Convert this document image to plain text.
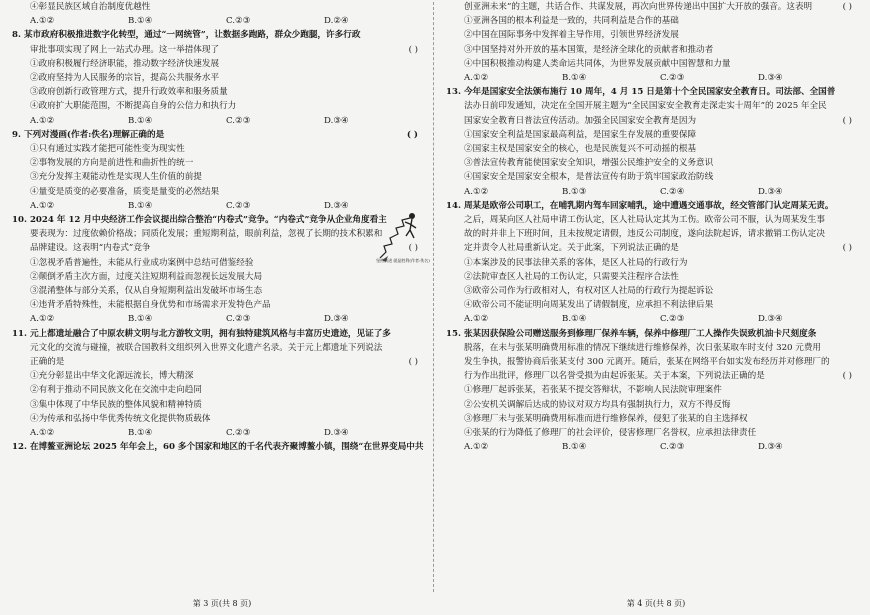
④彰显民族区域自治制度优越性
A.①②	B.①④	C.②③	D.②④
8. 某市政府积极推进数字化转型，通过“一网统管”，让数据多跑路，群众少跑腿，许多行政
审批事项实现了网上一站式办理。这一举措体现了	( )
①政府积极履行经济职能，推动数字经济快速发展
②政府坚持为人民服务的宗旨，提高公共服务水平
③政府创新行政管理方式，提升行政效率和服务质量
④政府扩大职能范围，不断提高自身的公信力和执行力
A.①②	B.①④	C.②③	D.③④
9. 下列对漫画(作者:佚名)理解正确的是	( )
①只有通过实践才能把可能性变为现实性
②事物发展的方向是前进性和曲折性的统一
③充分发挥主观能动性是实现人生价值的前提
④量变是质变的必要准备，质变是量变的必然结果
A.①②	B.①④	C.②③	D.③④
10. 2024 年 12 月中央经济工作会议提出综合整治“内卷式”竞争。“内卷式”竞争从企业角度看主
要表现为：过度依赖价格战；同质化发展；重短期利益，眼前利益，忽视了长期的技术积累和
品牌建设。这表明“内卷式”竞争	( )
①忽视矛盾普遍性，未能从行业成功案例中总结可借鉴经验
②颠倒矛盾主次方面，过度关注短期利益而忽视长远发展大局
③混淆整体与部分关系，仅从自身短期利益出发破坏市场生态
④违背矛盾特殊性，未能根据自身优势和市场需求开发特色产品
A.①②	B.①④	C.②③	D.③④
11. 元上都遗址融合了中原农耕文明与北方游牧文明，拥有独特建筑风格与丰富历史遗迹，见证了多
元文化的交流与碰撞，被联合国教科文组织列入世界文化遗产名录。关于元上都遗址下列说法
正确的是	( )
①充分彰显出中华文化源远流长，博大精深
②有利于推动不同民族文化在交流中走向趋同
③集中体现了中华民族的整体风貌和精神特质
④为传承和弘扬中华优秀传统文化提供物质载体
A.①②	B.①④	C.②③	D.③④
12. 在博鳌亚洲论坛 2025 年年会上，60 多个国家和地区的千名代表齐聚博鳌小镇，围绕“在世界变局中共
坚持前进 就是胜利(作者:佚名)
第 3 页(共 8 页)
创亚洲未来”的主题，共话合作、共谋发展，再次向世界传递出中国扩大开放的强音。这表明	( )
①亚洲各国的根本利益是一致的，共同利益是合作的基础
②中国在国际事务中发挥着主导作用，引领世界经济发展
③中国坚持对外开放的基本国策，是经济全球化的贡献者和推动者
④中国积极推动构建人类命运共同体，为世界发展贡献中国智慧和力量
A.①②	B.①④	C.②③	D.③④
13. 今年是国家安全法颁布施行 10 周年，4 月 15 日是第十个全民国家安全教育日。司法部、全国普
法办日前印发通知，决定在全国开展主题为“全民国家安全教育走深走实十周年”的 2025 年全民
国家安全教育日普法宣传活动。加强全民国家安全教育是因为	( )
①国家安全利益是国家最高利益，是国家生存发展的重要保障
②国家主权是国家安全的核心，也是民族复兴不可动摇的根基
③普法宣传教育能使国家安全知识，增强公民维护安全的义务意识
④国家安全是国家安全根本，是普法宣传有助于筑牢国家政治防线
A.①②	B.①③	C.②④	D.③④
14. 周某是欧帝公司职工，在哺乳期内驾车回家哺乳，途中遭遇交通事故，经交管部门认定周某无责。
之后，周某向区人社局申请工伤认定，区人社局认定其为工伤。欧帝公司不服，认为周某发生事
故的时并非上下班时间，且未按规定请假，违反公司制度，遂向法院起诉，请求撤销工伤认定决
定并责令人社局重新认定。关于此案，下列说法正确的是	( )
①本案涉及的民事法律关系的客体，是区人社局的行政行为
②法院审查区人社局的工伤认定，只需要关注程序合法性
③欧帝公司作为行政相对人，有权对区人社局的行政行为提起诉讼
④欧帝公司不能证明向周某发出了请假制度，应承担不利法律后果
A.①②	B.①④	C.②③	D.③④
15. 张某因获保险公司赠送服务到修理厂保养车辆，保养中修理厂工人操作失误致机油卡尺刻度条
脱落，在未与张某明确费用标准的情况下继续进行维修保养，次日张某取车时支付 320 元费用
发生争执，报警协商后张某支付 300 元离开。随后，张某在网络平台如实发布经历并对修理厂的
行为作出批评，修理厂以名誉受损为由起诉张某。关于本案，下列说法正确的是	( )
①修理厂起诉张某，若张某不提交答辩状，不影响人民法院审理案件
②公安机关调解后达成的协议对双方均具有强制执行力，双方不得反悔
③修理厂未与张某明确费用标准而进行维修保养，侵犯了张某的自主选择权
④张某的行为降低了修理厂的社会评价，侵害修理厂名誉权，应承担法律责任
A.①②	B.①④	C.②③	D.③④
第 4 页(共 8 页)
